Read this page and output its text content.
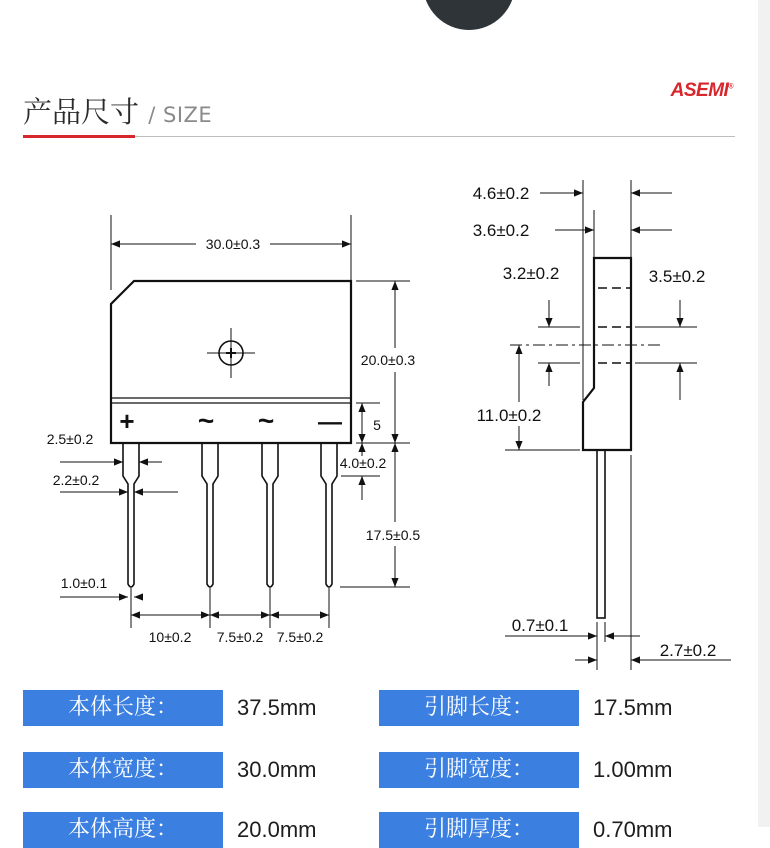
产品尺寸 / SIZE
ASEMI®
30.0±0.3
20.0±0.3
5
4.0±0.2
17.5±0.5
2.5±0.2
2.2±0.2
1.0±0.1
10±0.2 7.5±0.2 7.5±0.2
+ ~ ~ —
4.6±0.2
3.6±0.2
3.2±0.2	3.5±0.2
11.0±0.2
0.7±0.1
2.7±0.2
本体长度：	37.5mm	引脚长度：	17.5mm
本体宽度：	30.0mm	引脚宽度：	1.00mm
本体高度：	20.0mm	引脚厚度：	0.70mm
